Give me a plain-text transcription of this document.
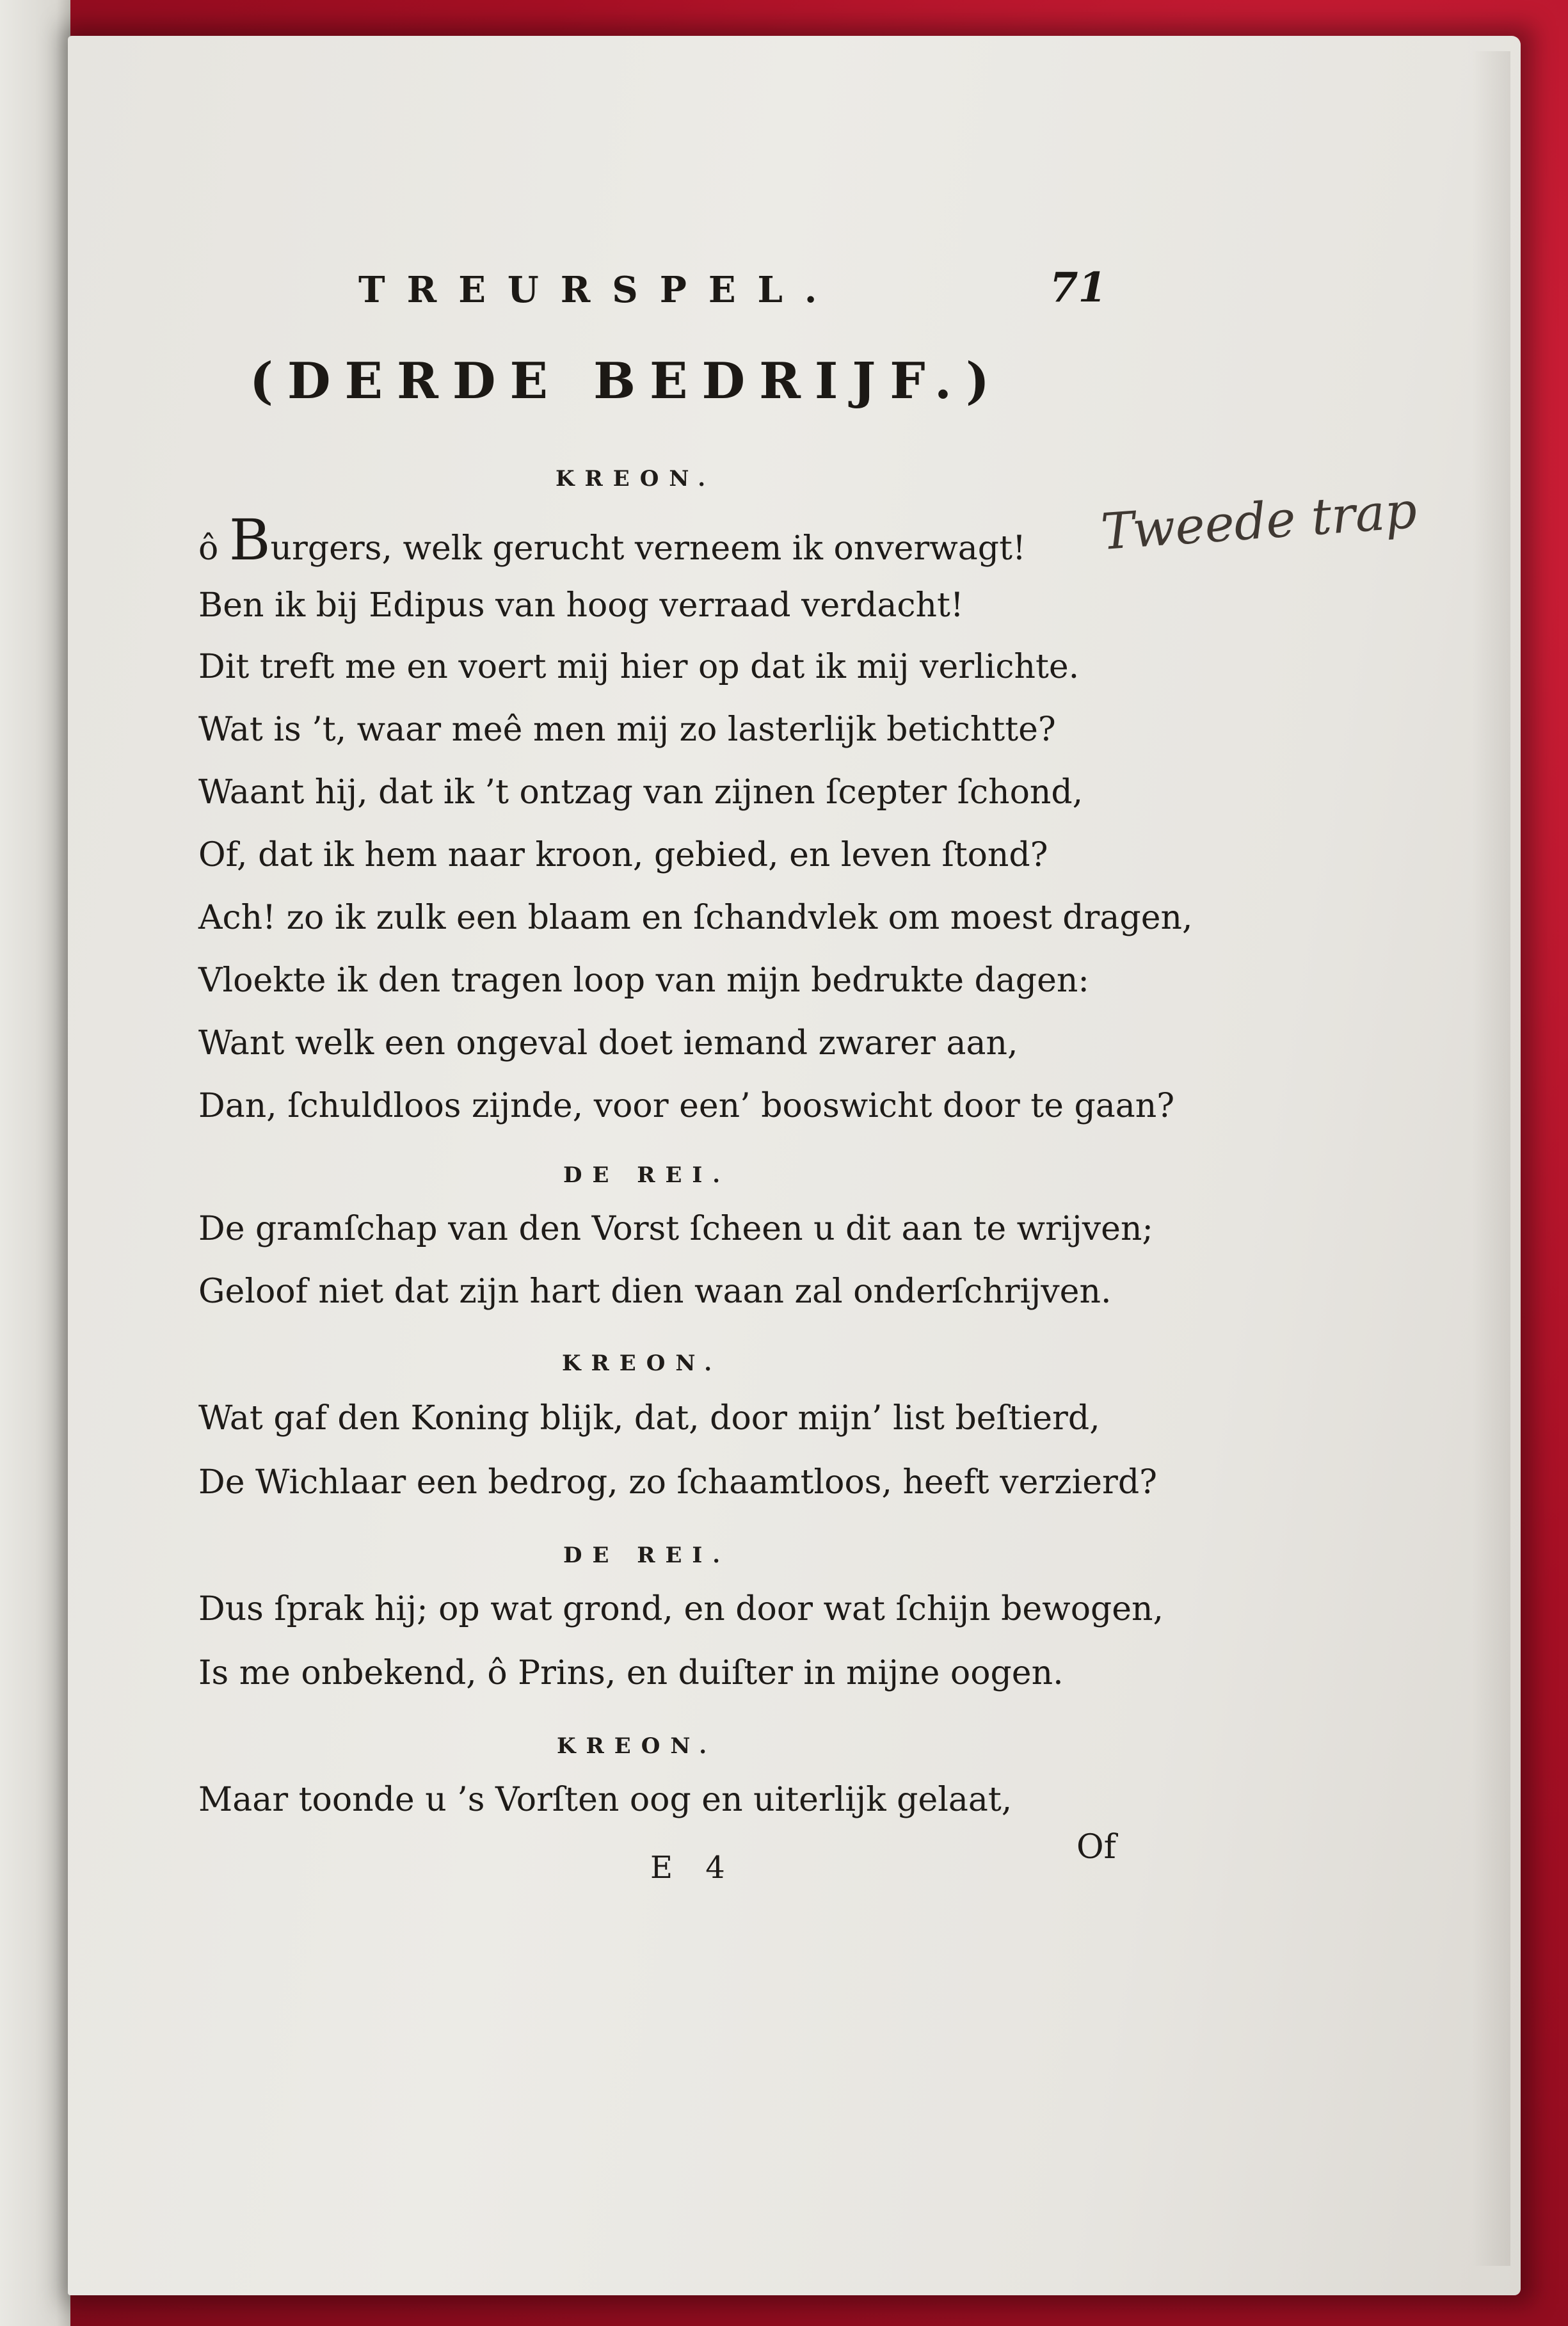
TREURSPEL.	71
(DERDE BEDRIJF.)
Tweede trap
KREON.
ô Burgers, welk gerucht verneem ik onverwagt!
Ben ik bij Edipus van hoog verraad verdacht!
Dit treft me en voert mij hier op dat ik mij verlichte.
Wat is ’t, waar meê men mij zo lasterlijk betichtte?
Waant hij, dat ik ’t ontzag van zijnen ſcepter ſchond,
Of, dat ik hem naar kroon, gebied, en leven ſtond?
Ach! zo ik zulk een blaam en ſchandvlek om moest dragen,
Vloekte ik den tragen loop van mijn bedrukte dagen:
Want welk een ongeval doet iemand zwarer aan,
Dan, ſchuldloos zijnde, voor een’ booswicht door te gaan?
DE REI.
De gramſchap van den Vorst ſcheen u dit aan te wrijven;
Geloof niet dat zijn hart dien waan zal onderſchrijven.
KREON.
Wat gaf den Koning blijk, dat, door mijn’ list beſtierd,
De Wichlaar een bedrog, zo ſchaamtloos, heeft verzierd?
DE REI.
Dus ſprak hij; op wat grond, en door wat ſchijn bewogen,
Is me onbekend, ô Prins, en duiſter in mijne oogen.
KREON.
Maar toonde u ’s Vorſten oog en uiterlijk gelaat,
E 4
Of
